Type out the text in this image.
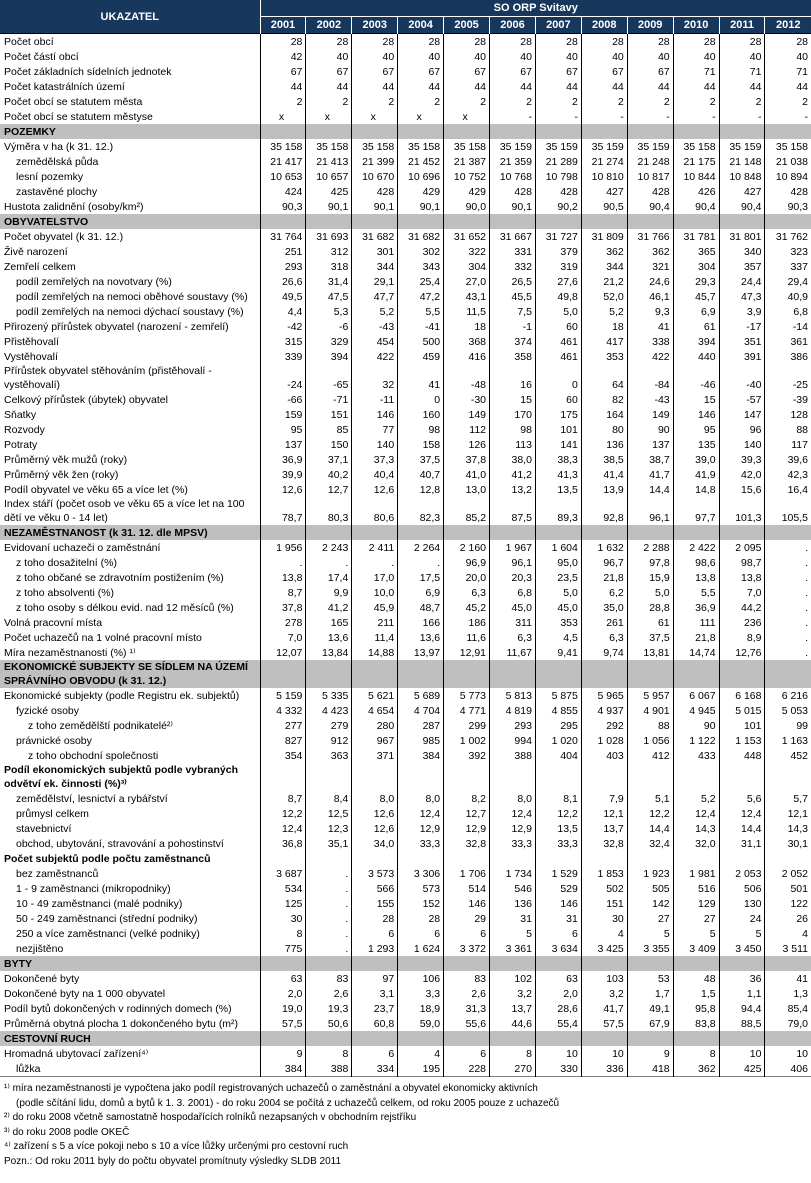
UKAZATEL	SO ORP Svitavy											
	2001	2002	2003	2004	2005	2006	2007	2008	2009	2010	2011	2012
Počet obcí	28	28	28	28	28	28	28	28	28	28	28	28
Počet částí obcí	42	40	40	40	40	40	40	40	40	40	40	40
Počet základních sídelních jednotek	67	67	67	67	67	67	67	67	67	71	71	71
Počet katastrálních území	44	44	44	44	44	44	44	44	44	44	44	44
Počet obcí se statutem města	2	2	2	2	2	2	2	2	2	2	2	2
Počet obcí se statutem městyse	x	x	x	x	x	-	-	-	-	-	-	-
POZEMKY												
Výměra v ha (k 31. 12.)	35 158	35 158	35 158	35 158	35 158	35 159	35 159	35 159	35 159	35 158	35 159	35 158
zemědělská půda	21 417	21 413	21 399	21 452	21 387	21 359	21 289	21 274	21 248	21 175	21 148	21 038
lesní pozemky	10 653	10 657	10 670	10 696	10 752	10 768	10 798	10 810	10 817	10 844	10 848	10 894
zastavěné plochy	424	425	428	429	429	428	428	427	428	426	427	428
Hustota zalidnění (osoby/km²)	90,3	90,1	90,1	90,1	90,0	90,1	90,2	90,5	90,4	90,4	90,4	90,3
OBYVATELSTVO												
Počet obyvatel (k 31. 12.)	31 764	31 693	31 682	31 682	31 652	31 667	31 727	31 809	31 766	31 781	31 801	31 762
Živě narození	251	312	301	302	322	331	379	362	362	365	340	323
Zemřelí celkem	293	318	344	343	304	332	319	344	321	304	357	337
podíl zemřelých na novotvary (%)	26,6	31,4	29,1	25,4	27,0	26,5	27,6	21,2	24,6	29,3	24,4	29,4
podíl zemřelých na nemoci oběhové soustavy (%)	49,5	47,5	47,7	47,2	43,1	45,5	49,8	52,0	46,1	45,7	47,3	40,9
podíl zemřelých na nemoci dýchací soustavy (%)	4,4	5,3	5,2	5,5	11,5	7,5	5,0	5,2	9,3	6,9	3,9	6,8
Přirozený přírůstek obyvatel (narození - zemřelí)	-42	-6	-43	-41	18	-1	60	18	41	61	-17	-14
Přistěhovalí	315	329	454	500	368	374	461	417	338	394	351	361
Vystěhovalí	339	394	422	459	416	358	461	353	422	440	391	386
Přírůstek obyvatel stěhováním (přistěhovalí - vystěhovalí)	-24	-65	32	41	-48	16	0	64	-84	-46	-40	-25
Celkový přírůstek (úbytek) obyvatel	-66	-71	-11	0	-30	15	60	82	-43	15	-57	-39
Sňatky	159	151	146	160	149	170	175	164	149	146	147	128
Rozvody	95	85	77	98	112	98	101	80	90	95	96	88
Potraty	137	150	140	158	126	113	141	136	137	135	140	117
Průměrný věk mužů (roky)	36,9	37,1	37,3	37,5	37,8	38,0	38,3	38,5	38,7	39,0	39,3	39,6
Průměrný věk žen (roky)	39,9	40,2	40,4	40,7	41,0	41,2	41,3	41,4	41,7	41,9	42,0	42,3
Podíl obyvatel ve věku 65 a více let (%)	12,6	12,7	12,6	12,8	13,0	13,2	13,5	13,9	14,4	14,8	15,6	16,4
Index stáří (počet osob ve věku 65 a více let na 100 dětí ve věku 0 - 14 let)	78,7	80,3	80,6	82,3	85,2	87,5	89,3	92,8	96,1	97,7	101,3	105,5
NEZAMĚSTNANOST (k 31. 12. dle MPSV)												
Evidovaní uchazeči o zaměstnání	1 956	2 243	2 411	2 264	2 160	1 967	1 604	1 632	2 288	2 422	2 095	.
z toho dosažitelní (%)	.	.	.	.	96,9	96,1	95,0	96,7	97,8	98,6	98,7	.
z toho občané se zdravotním postižením (%)	13,8	17,4	17,0	17,5	20,0	20,3	23,5	21,8	15,9	13,8	13,8	.
z toho absolventi (%)	8,7	9,9	10,0	6,9	6,3	6,8	5,0	6,2	5,0	5,5	7,0	.
z toho osoby s délkou evid. nad 12 měsíců (%)	37,8	41,2	45,9	48,7	45,2	45,0	45,0	35,0	28,8	36,9	44,2	.
Volná pracovní místa	278	165	211	166	186	311	353	261	61	111	236	.
Počet uchazečů na 1 volné pracovní místo	7,0	13,6	11,4	13,6	11,6	6,3	4,5	6,3	37,5	21,8	8,9	.
Míra nezaměstnanosti (%) ¹⁾	12,07	13,84	14,88	13,97	12,91	11,67	9,41	9,74	13,81	14,74	12,76	.
EKONOMICKÉ SUBJEKTY SE SÍDLEM NA ÚZEMÍ SPRÁVNÍHO OBVODU (k 31. 12.)												
Ekonomické subjekty (podle Registru ek. subjektů)	5 159	5 335	5 621	5 689	5 773	5 813	5 875	5 965	5 957	6 067	6 168	6 216
fyzické osoby	4 332	4 423	4 654	4 704	4 771	4 819	4 855	4 937	4 901	4 945	5 015	5 053
z toho zemědělští podnikatelé²⁾	277	279	280	287	299	293	295	292	88	90	101	99
právnické osoby	827	912	967	985	1 002	994	1 020	1 028	1 056	1 122	1 153	1 163
z toho obchodní společnosti	354	363	371	384	392	388	404	403	412	433	448	452
Podíl ekonomických subjektů podle vybraných odvětví ek. činnosti (%)³⁾												
zemědělství, lesnictví a rybářství	8,7	8,4	8,0	8,0	8,2	8,0	8,1	7,9	5,1	5,2	5,6	5,7
průmysl celkem	12,2	12,5	12,6	12,4	12,7	12,4	12,2	12,1	12,2	12,4	12,4	12,1
stavebnictví	12,4	12,3	12,6	12,9	12,9	12,9	13,5	13,7	14,4	14,3	14,4	14,3
obchod, ubytování, stravování a pohostinství	36,8	35,1	34,0	33,3	32,8	33,3	33,3	32,8	32,4	32,0	31,1	30,1
Počet subjektů podle počtu zaměstnanců												
bez zaměstnanců	3 687	.	3 573	3 306	1 706	1 734	1 529	1 853	1 923	1 981	2 053	2 052
1 - 9 zaměstnanci (mikropodniky)	534	.	566	573	514	546	529	502	505	516	506	501
10 - 49 zaměstnanci (malé podniky)	125	.	155	152	146	136	146	151	142	129	130	122
50 - 249 zaměstnanci (střední podniky)	30	.	28	28	29	31	31	30	27	27	24	26
250 a více zaměstnanci (velké podniky)	8	.	6	6	6	5	6	4	5	5	5	4
nezjištěno	775	.	1 293	1 624	3 372	3 361	3 634	3 425	3 355	3 409	3 450	3 511
BYTY												
Dokončené byty	63	83	97	106	83	102	63	103	53	48	36	41
Dokončené byty na 1 000 obyvatel	2,0	2,6	3,1	3,3	2,6	3,2	2,0	3,2	1,7	1,5	1,1	1,3
Podíl bytů dokončených v rodinných domech (%)	19,0	19,3	23,7	18,9	31,3	13,7	28,6	41,7	49,1	95,8	94,4	85,4
Průměrná obytná plocha 1 dokončeného bytu (m²)	57,5	50,6	60,8	59,0	55,6	44,6	55,4	57,5	67,9	83,8	88,5	79,0
CESTOVNÍ RUCH												
Hromadná ubytovací zařízení⁴⁾	9	8	6	4	6	8	10	10	9	8	10	10
lůžka	384	388	334	195	228	270	330	336	418	362	425	406
¹⁾ míra nezaměstnanosti je vypočtena jako podíl registrovaných uchazečů o zaměstnání a obyvatel ekonomicky aktivních
(podle sčítání lidu, domů a bytů k 1. 3. 2001) - do roku 2004 se počítá z uchazečů celkem, od roku 2005 pouze z uchazečů
²⁾ do roku 2008 včetně samostatně hospodařících rolníků nezapsaných v obchodním rejstříku
³⁾ do roku 2008 podle OKEČ
⁴⁾ zařízení s 5 a více pokoji nebo s 10 a více lůžky určenými pro cestovní ruch
Pozn.: Od roku 2011 byly do počtu obyvatel promítnuty výsledky SLDB 2011
